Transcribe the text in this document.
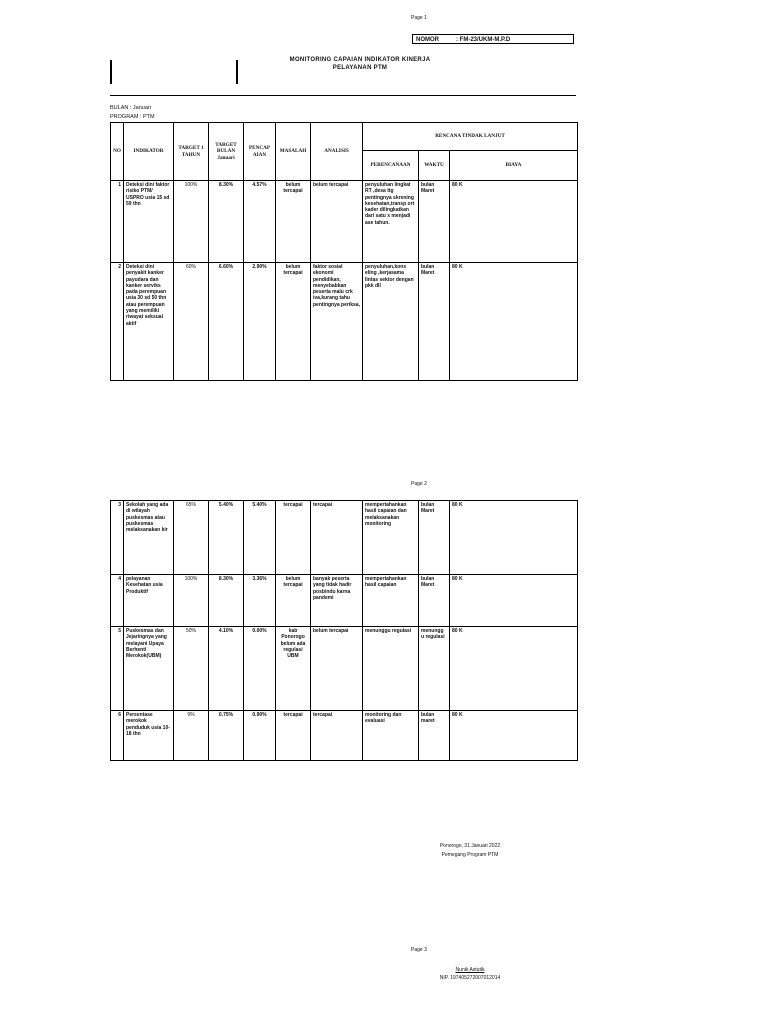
Page 1
NOMOR	: FM-23/UKM-M.P.D
MONITORING CAPAIAN INDIKATOR KINERJA
PELAYANAN PTM
BULAN : Januari
PROGRAM : PTM
NO	INDIKATOR	TARGET 1 TAHUN	TARGET BULAN Januari	PENCAP AIAN	MASALAH	ANALISIS	RENCANA TINDAK LANJUT		
							PERENCANAAN	WAKTU	BIAYA
1	Deteksi dini faktor risiko PTM/ USPRO usia 15 sd 59 thn	100%	8.30%	4.57%	belum tercapai	belum tercapai	penyuluhan lingkat RT ,desa ttg pentingnya skrening kesehatan,transp ort kader dilingkatkan dari satu x menjadi ase tahun.	bulan Maret	80 K
2	Deteksi dini penyakit kanker payudara dan kanker serviks pada perempuan usia 30 sd 50 thn atau perempuan yang memiliki riwayat seksual aktif	60%	6.60%	2.90%	belum tercapai	faktor sosial ekonomi pendidikan, menyebabkan peserta malu crk iva,kurang tahu pentingnya periksa,	penyuluhan,kons eling ,kerjasama lintas sektor dengan pkk dll	bulan Maret	80 K
Page 2
3	Sekolah yang ada di wilayah puskesmas atau puskesmas melaksanakan kir	65%	5.40%	5.40%	tercapai	tercapai	mempertahankan hasil capaian dan melaksanakan monitoring	bulan Maret	80 K
4	pelayanan Kesehatan usia Produktif	100%	8.30%	3.36%	belum tercapai	banyak peserta yang tidak hadir posbindu karna pandemi	mempertahankan hasil capaian	bulan Maret	80 K
5	Puskesmas dan Jejaringnya yang melayani Upaya Berhenti Merokok(UBM)	50%	4.10%	0.00%	kab Ponorogo belum ada regulasi UBM	belum tercapai	menunggu regulasi	menungg u regulasi	80 K
6	Persentase merokok penduduk usia 10-18 thn	9%	0.75%	0.90%	tercapai	tercapai	monitoring dan evaluasi	bulan maret	80 K
Ponorogo, 31 Januari 2022
Pemegang Program PTM
Page 3
Nunik Astutik
NIP. 197405272007012014
